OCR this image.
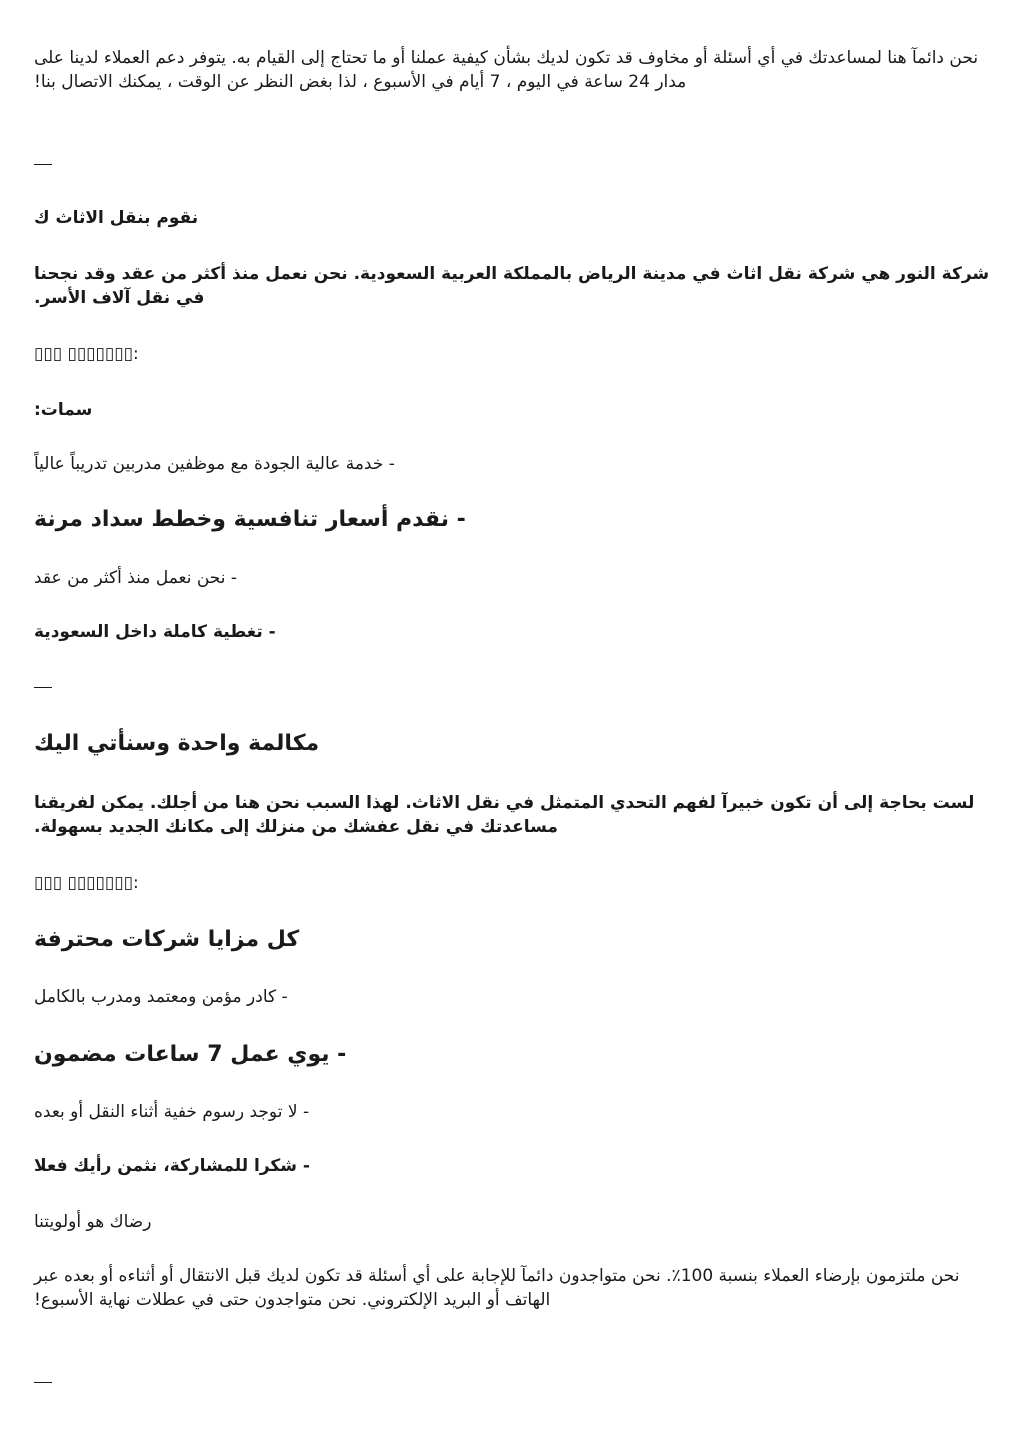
نحن دائمآ هنا لمساعدتك في أي أسئلة أو مخاوف قد تكون لديك بشأن كيفية عملنا أو ما تحتاج إلى القيام به. يتوفر دعم العملاء لدينا على مدار 24 ساعة في اليوم ، 7 أيام في الأسبوع ، لذا بغض النظر عن الوقت ، يمكنك الاتصال بنا!

نقوم بنقل الاثاث ك

شركة النور هي شركة نقل اثاث في مدينة الرياض بالمملكة العربية السعودية. نحن نعمل منذ أكثر من عقد وقد نجحنا في نقل آلاف الأسر.

▯▯▯ ▯▯▯▯▯▯▯:

سمات:

- خدمة عالية الجودة مع موظفين مدربين تدريباً عالياً

- نقدم أسعار تنافسية وخطط سداد مرنة

- نحن نعمل منذ أكثر من عقد

- تغطية كاملة داخل السعودية

مكالمة واحدة وسنأتي اليك

لست بحاجة إلى أن تكون خبيرآ لفهم التحدي المتمثل في نقل الاثاث. لهذا السبب نحن هنا من أجلك. يمكن لفريقنا مساعدتك في نقل عفشك من منزلك إلى مكانك الجديد بسهولة.

▯▯▯ ▯▯▯▯▯▯▯:

كل مزايا شركات محترفة

- كادر مؤمن ومعتمد ومدرب بالكامل

- يوي عمل 7 ساعات مضمون

- لا توجد رسوم خفية أثناء النقل أو بعده

- شكرا للمشاركة، نثمن رأيك فعلا

رضاك هو أولويتنا

نحن ملتزمون بإرضاء العملاء بنسبة 100٪. نحن متواجدون دائمآ للإجابة على أي أسئلة قد تكون لديك قبل الانتقال أو أثناءه أو بعده عبر الهاتف أو البريد الإلكتروني. نحن متواجدون حتى في عطلات نهاية الأسبوع!
